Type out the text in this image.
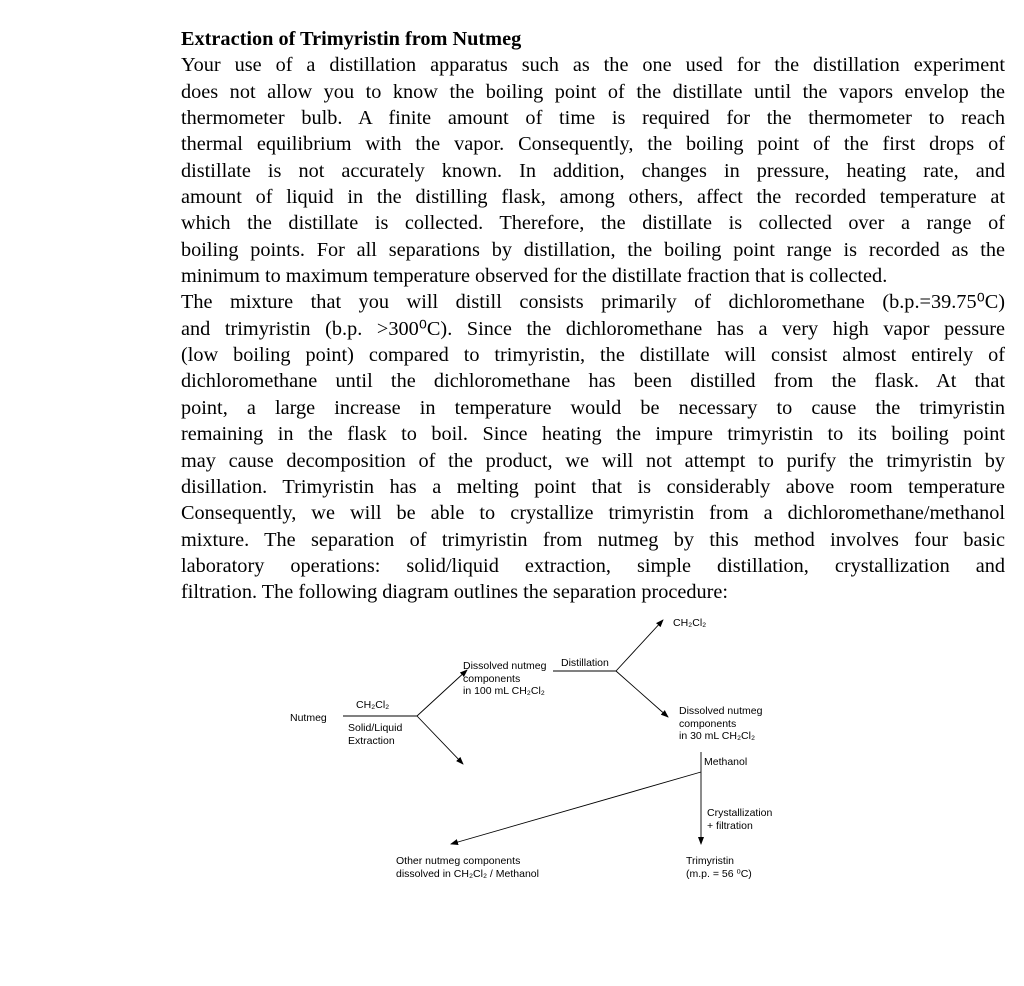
Extraction of Trimyristin from Nutmeg
Your use of a distillation apparatus such as the one used for the distillation experiment
does not allow you to know the boiling point of the distillate until the vapors envelop the
thermometer bulb. A finite amount of time is required for the thermometer to reach
thermal equilibrium with the vapor. Consequently, the boiling point of the first drops of
distillate is not accurately known. In addition, changes in pressure, heating rate, and
amount of liquid in the distilling flask, among others, affect the recorded temperature at
which the distillate is collected. Therefore, the distillate is collected over a range of
boiling points. For all separations by distillation, the boiling point range is recorded as the
minimum to maximum temperature observed for the distillate fraction that is collected.
The mixture that you will distill consists primarily of dichloromethane (b.p.=39.75⁰C)
and trimyristin (b.p. >300⁰C). Since the dichloromethane has a very high vapor pessure
(low boiling point) compared to trimyristin, the distillate will consist almost entirely of
dichloromethane until the dichloromethane has been distilled from the flask. At that
point, a large increase in temperature would be necessary to cause the trimyristin
remaining in the flask to boil. Since heating the impure trimyristin to its boiling point
may cause decomposition of the product, we will not attempt to purify the trimyristin by
disillation. Trimyristin has a melting point that is considerably above room temperature
Consequently, we will be able to crystallize trimyristin from a dichloromethane/methanol
mixture. The separation of trimyristin from nutmeg by this method involves four basic
laboratory operations: solid/liquid extraction, simple distillation, crystallization and
filtration. The following diagram outlines the separation procedure:
Nutmeg
CH₂Cl₂
Solid/Liquid
Extraction
Dissolved nutmeg
components
in 100 mL CH₂Cl₂
Distillation
CH₂Cl₂
Dissolved nutmeg
components
in 30 mL CH₂Cl₂
Methanol
Crystallization
+ filtration
Other nutmeg components
dissolved in CH₂Cl₂ / Methanol
Trimyristin
(m.p. = 56 ⁰C)
